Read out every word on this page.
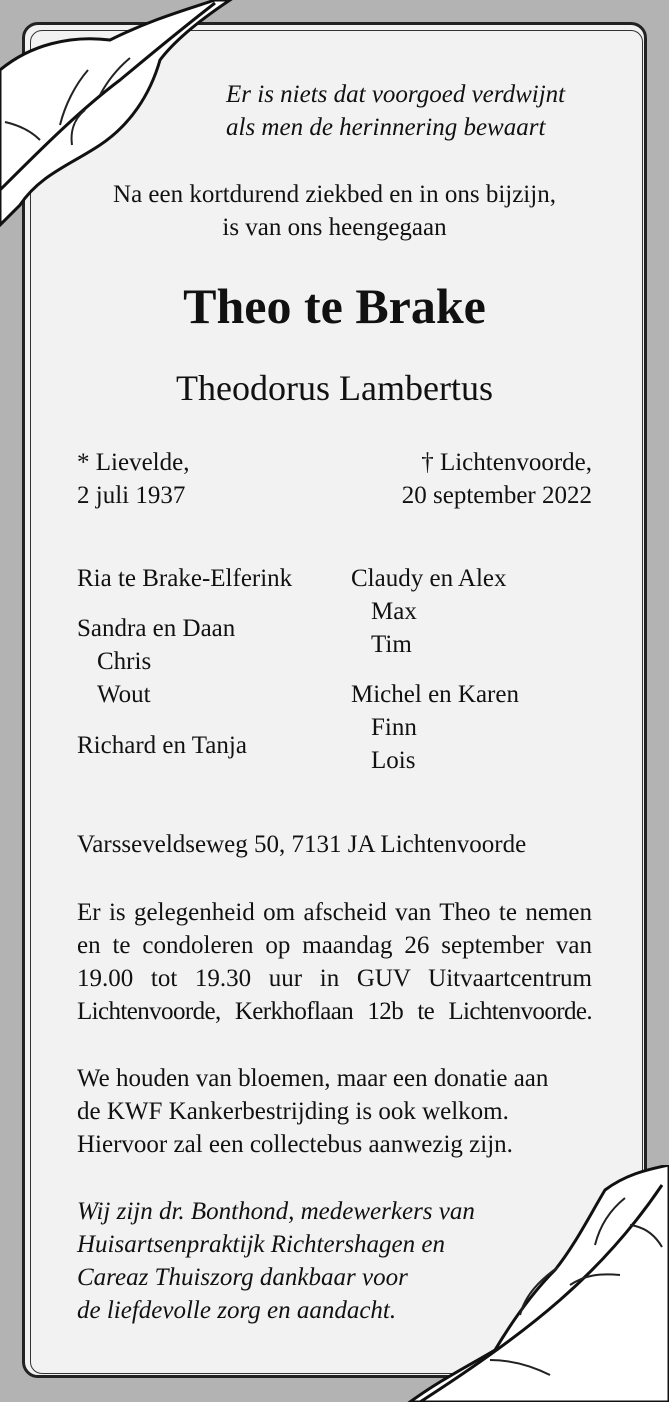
Er is niets dat voorgoed verdwijnt
als men de herinnering bewaart
Na een kortdurend ziekbed en in ons bijzijn,
is van ons heengegaan
Theo te Brake
Theodorus Lambertus
* Lievelde,
2 juli 1937
† Lichtenvoorde,
20 september 2022
Ria te Brake-Elferink
Sandra en Daan
Chris
Wout
Richard en Tanja
Claudy en Alex
Max
Tim
Michel en Karen
Finn
Lois
Varsseveldseweg 50, 7131 JA Lichtenvoorde
Er is gelegenheid om afscheid van Theo te nemen
en te condoleren op maandag 26 september van
19.00 tot 19.30 uur in GUV Uitvaartcentrum
Lichtenvoorde, Kerkhoflaan 12b te Lichtenvoorde.
We houden van bloemen, maar een donatie aan
de KWF Kankerbestrijding is ook welkom.
Hiervoor zal een collectebus aanwezig zijn.
Wij zijn dr. Bonthond, medewerkers van
Huisartsenpraktijk Richtershagen en
Careaz Thuiszorg dankbaar voor
de liefdevolle zorg en aandacht.
